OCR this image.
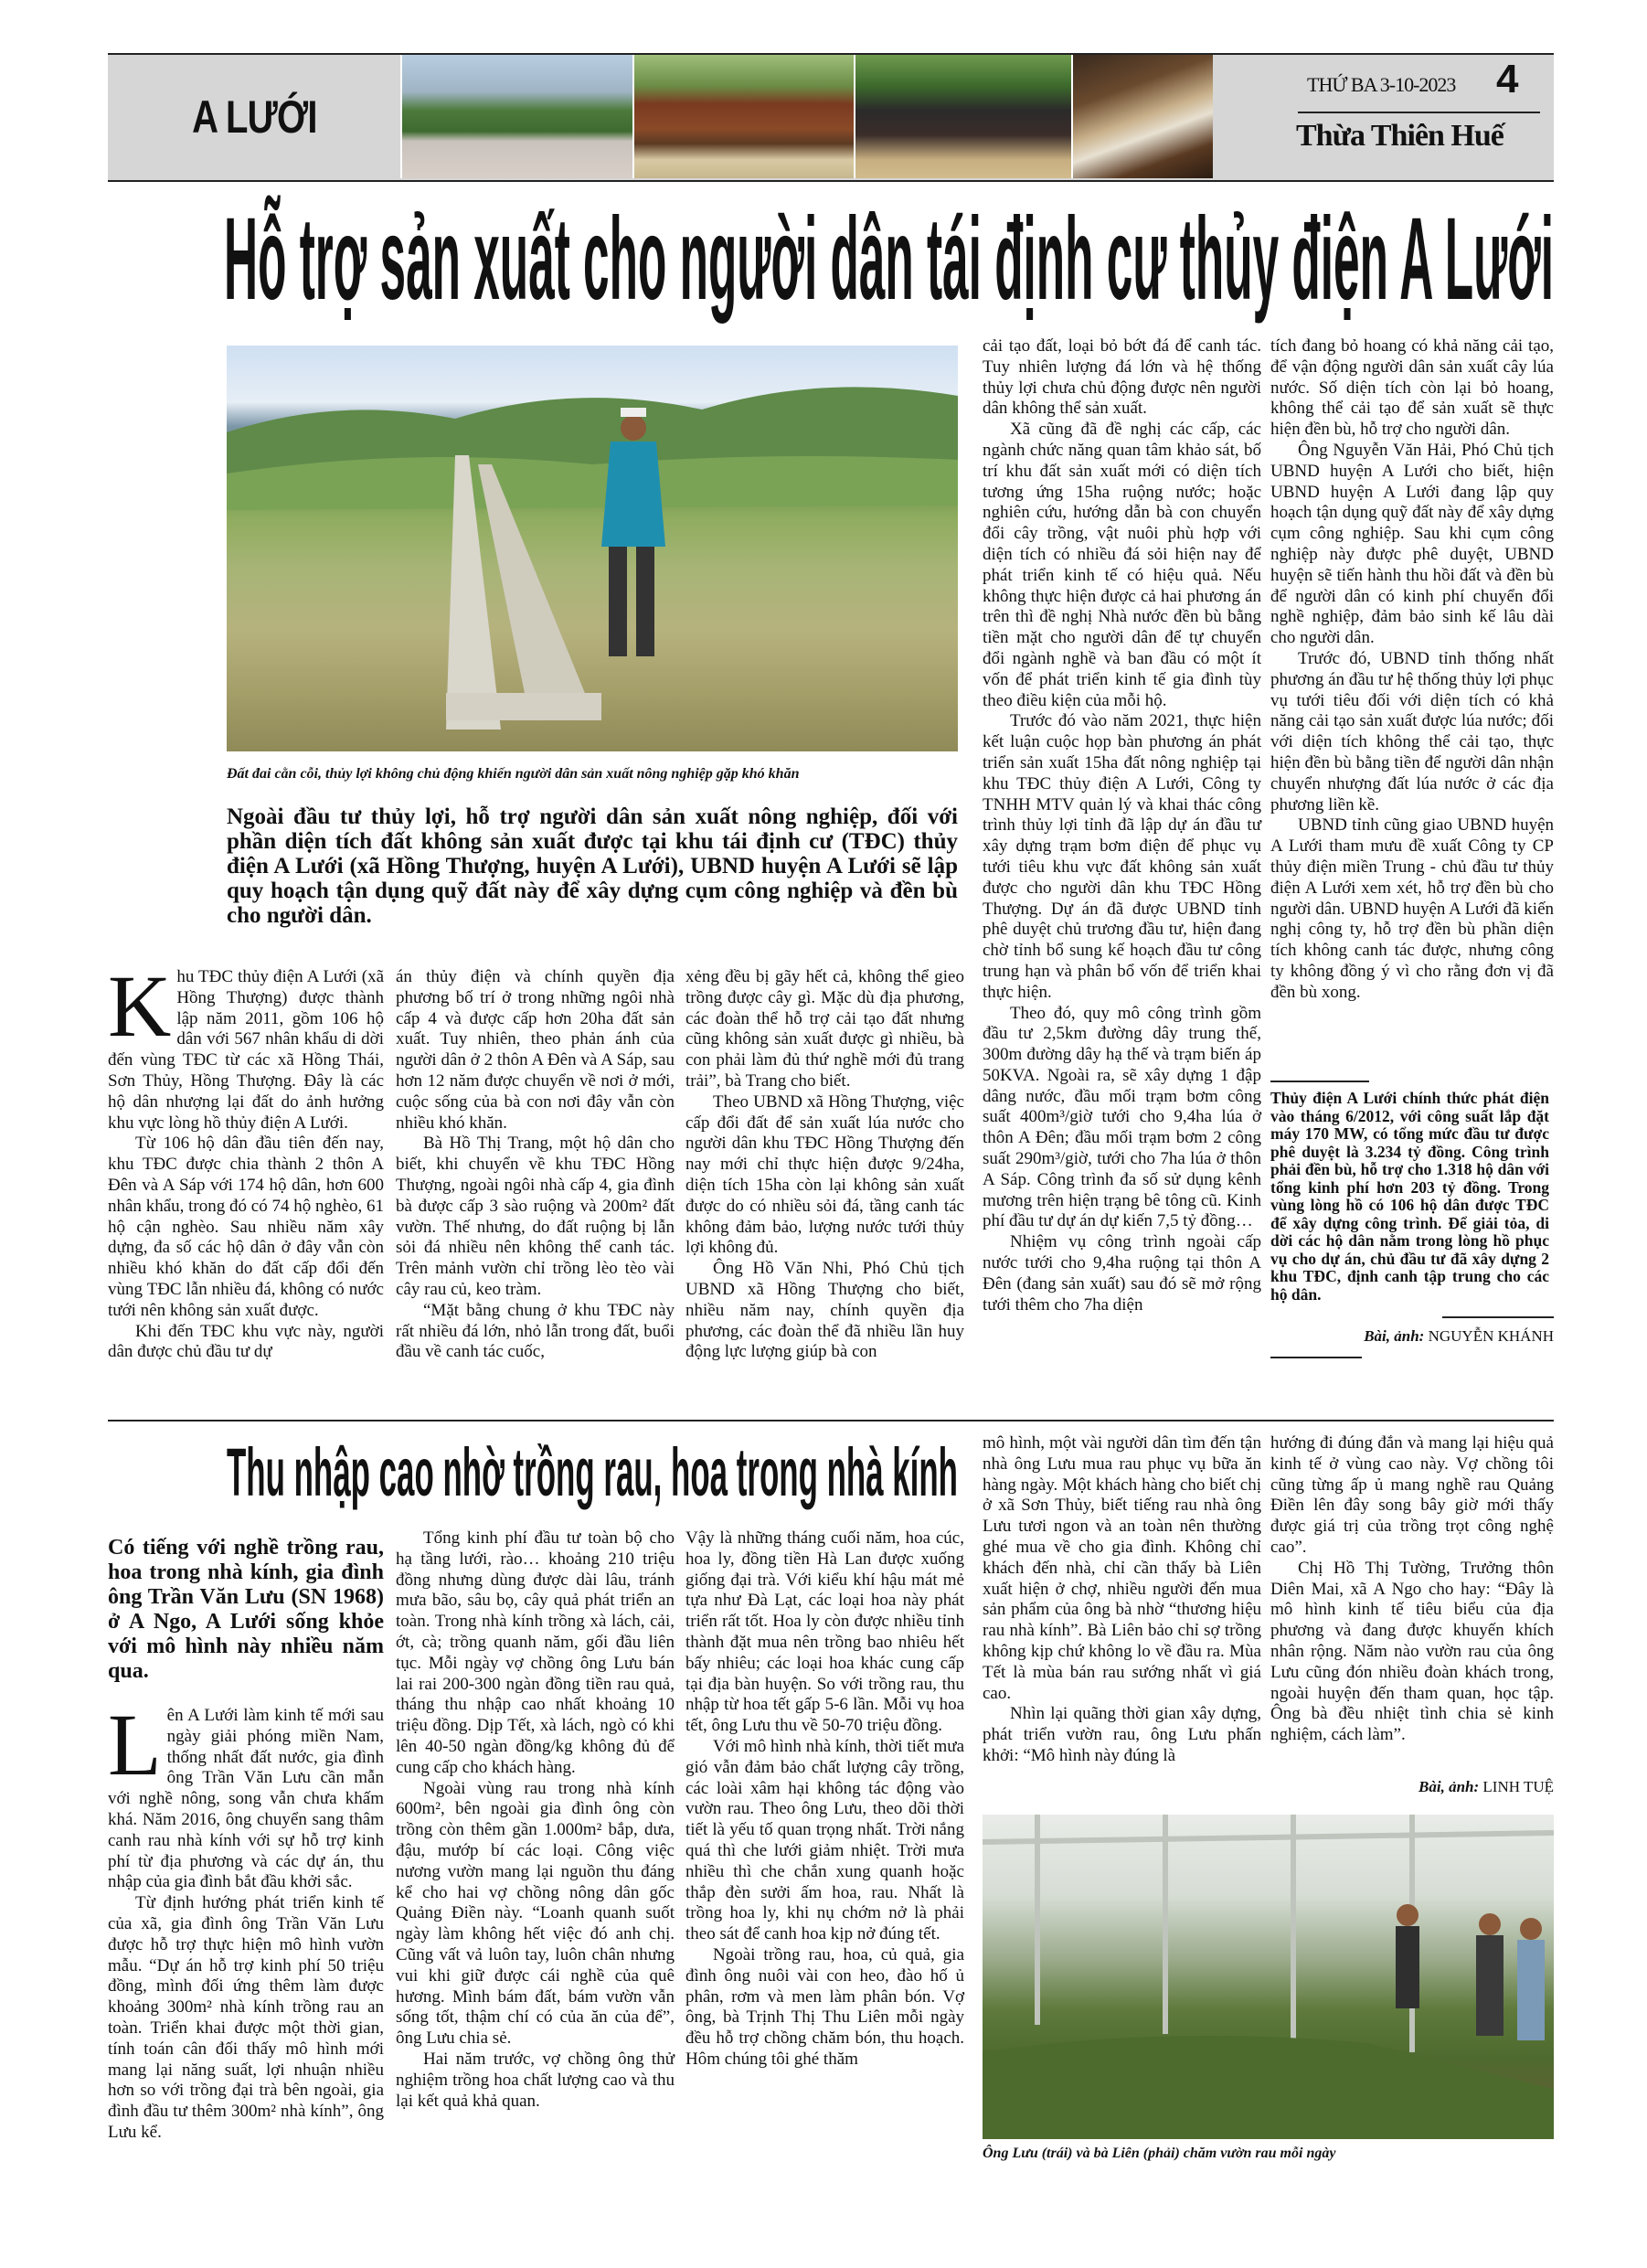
A LƯỚI
THỨ BA 3-10-2023 4
Thừa Thiên Huế
Hỗ trợ sản xuất cho người dân tái định cư thủy điện A Lưới
Đất đai cằn cỗi, thủy lợi không chủ động khiến người dân sản xuất nông nghiệp gặp khó khăn
Ngoài đầu tư thủy lợi, hỗ trợ người dân sản xuất nông nghiệp, đối với phần diện tích đất không sản xuất được tại khu tái định cư (TĐC) thủy điện A Lưới (xã Hồng Thượng, huyện A Lưới), UBND huyện A Lưới sẽ lập quy hoạch tận dụng quỹ đất này để xây dựng cụm công nghiệp và đền bù cho người dân.

Khu TĐC thủy điện A Lưới (xã Hồng Thượng) được thành lập năm 2011, gồm 106 hộ dân với 567 nhân khẩu di dời đến vùng TĐC từ các xã Hồng Thái, Sơn Thủy, Hồng Thượng. Đây là các hộ dân nhượng lại đất do ảnh hưởng khu vực lòng hồ thủy điện A Lưới.

Từ 106 hộ dân đầu tiên đến nay, khu TĐC được chia thành 2 thôn A Đên và A Sáp với 174 hộ dân, hơn 600 nhân khẩu, trong đó có 74 hộ nghèo, 61 hộ cận nghèo. Sau nhiều năm xây dựng, đa số các hộ dân ở đây vẫn còn nhiều khó khăn do đất cấp đổi đến vùng TĐC lẫn nhiều đá, không có nước tưới nên không sản xuất được.

Khi đến TĐC khu vực này, người dân được chủ đầu tư dự

án thủy điện và chính quyền địa phương bố trí ở trong những ngôi nhà cấp 4 và được cấp hơn 20ha đất sản xuất. Tuy nhiên, theo phản ánh của người dân ở 2 thôn A Đên và A Sáp, sau hơn 12 năm được chuyển về nơi ở mới, cuộc sống của bà con nơi đây vẫn còn nhiều khó khăn.

Bà Hồ Thị Trang, một hộ dân cho biết, khi chuyển về khu TĐC Hồng Thượng, ngoài ngôi nhà cấp 4, gia đình bà được cấp 3 sào ruộng và 200m² đất vườn. Thế nhưng, do đất ruộng bị lẫn sỏi đá nhiều nên không thể canh tác. Trên mảnh vườn chỉ trồng lèo tèo vài cây rau củ, keo tràm.

“Mặt bằng chung ở khu TĐC này rất nhiều đá lớn, nhỏ lẫn trong đất, buổi đầu về canh tác cuốc,

xẻng đều bị gãy hết cả, không thể gieo trồng được cây gì. Mặc dù địa phương, các đoàn thể hỗ trợ cải tạo đất nhưng cũng không sản xuất được gì nhiều, bà con phải làm đủ thứ nghề mới đủ trang trải”, bà Trang cho biết.

Theo UBND xã Hồng Thượng, việc cấp đổi đất để sản xuất lúa nước cho người dân khu TĐC Hồng Thượng đến nay mới chỉ thực hiện được 9/24ha, diện tích 15ha còn lại không sản xuất được do có nhiều sỏi đá, tầng canh tác không đảm bảo, lượng nước tưới thủy lợi không đủ.

Ông Hồ Văn Nhi, Phó Chủ tịch UBND xã Hồng Thượng cho biết, nhiều năm nay, chính quyền địa phương, các đoàn thể đã nhiều lần huy động lực lượng giúp bà con

cải tạo đất, loại bỏ bớt đá để canh tác. Tuy nhiên lượng đá lớn và hệ thống thủy lợi chưa chủ động được nên người dân không thể sản xuất.

Xã cũng đã đề nghị các cấp, các ngành chức năng quan tâm khảo sát, bố trí khu đất sản xuất mới có diện tích tương ứng 15ha ruộng nước; hoặc nghiên cứu, hướng dẫn bà con chuyển đổi cây trồng, vật nuôi phù hợp với diện tích có nhiều đá sỏi hiện nay để phát triển kinh tế có hiệu quả. Nếu không thực hiện được cả hai phương án trên thì đề nghị Nhà nước đền bù bằng tiền mặt cho người dân để tự chuyển đổi ngành nghề và ban đầu có một ít vốn để phát triển kinh tế gia đình tùy theo điều kiện của mỗi hộ.

Trước đó vào năm 2021, thực hiện kết luận cuộc họp bàn phương án phát triển sản xuất 15ha đất nông nghiệp tại khu TĐC thủy điện A Lưới, Công ty TNHH MTV quản lý và khai thác công trình thủy lợi tỉnh đã lập dự án đầu tư xây dựng trạm bơm điện để phục vụ tưới tiêu khu vực đất không sản xuất được cho người dân khu TĐC Hồng Thượng. Dự án đã được UBND tỉnh phê duyệt chủ trương đầu tư, hiện đang chờ tỉnh bổ sung kế hoạch đầu tư công trung hạn và phân bổ vốn để triển khai thực hiện.

Theo đó, quy mô công trình gồm đầu tư 2,5km đường dây trung thế, 300m đường dây hạ thế và trạm biến áp 50KVA. Ngoài ra, sẽ xây dựng 1 đập dâng nước, đầu mối trạm bơm công suất 400m³/giờ tưới cho 9,4ha lúa ở thôn A Đên; đầu mối trạm bơm 2 công suất 290m³/giờ, tưới cho 7ha lúa ở thôn A Sáp. Công trình đa số sử dụng kênh mương trên hiện trạng bê tông cũ. Kinh phí đầu tư dự án dự kiến 7,5 tỷ đồng…

Nhiệm vụ công trình ngoài cấp nước tưới cho 9,4ha ruộng tại thôn A Đên (đang sản xuất) sau đó sẽ mở rộng tưới thêm cho 7ha diện

tích đang bỏ hoang có khả năng cải tạo, để vận động người dân sản xuất cây lúa nước. Số diện tích còn lại bỏ hoang, không thể cải tạo để sản xuất sẽ thực hiện đền bù, hỗ trợ cho người dân.

Ông Nguyễn Văn Hải, Phó Chủ tịch UBND huyện A Lưới cho biết, hiện UBND huyện A Lưới đang lập quy hoạch tận dụng quỹ đất này để xây dựng cụm công nghiệp. Sau khi cụm công nghiệp này được phê duyệt, UBND huyện sẽ tiến hành thu hồi đất và đền bù để người dân có kinh phí chuyển đổi nghề nghiệp, đảm bảo sinh kế lâu dài cho người dân.

Trước đó, UBND tỉnh thống nhất phương án đầu tư hệ thống thủy lợi phục vụ tưới tiêu đối với diện tích có khả năng cải tạo sản xuất được lúa nước; đối với diện tích không thể cải tạo, thực hiện đền bù bằng tiền để người dân nhận chuyển nhượng đất lúa nước ở các địa phương liền kề.

UBND tỉnh cũng giao UBND huyện A Lưới tham mưu đề xuất Công ty CP thủy điện miền Trung - chủ đầu tư thủy điện A Lưới xem xét, hỗ trợ đền bù cho người dân. UBND huyện A Lưới đã kiến nghị công ty, hỗ trợ đền bù phần diện tích không canh tác được, nhưng công ty không đồng ý vì cho rằng đơn vị đã đền bù xong.

Thủy điện A Lưới chính thức phát điện vào tháng 6/2012, với công suất lắp đặt máy 170 MW, có tổng mức đầu tư được phê duyệt là 3.234 tỷ đồng. Công trình phải đền bù, hỗ trợ cho 1.318 hộ dân với tổng kinh phí hơn 203 tỷ đồng. Trong vùng lòng hồ có 106 hộ dân được TĐC để xây dựng công trình. Để giải tỏa, di dời các hộ dân nằm trong lòng hồ phục vụ cho dự án, chủ đầu tư đã xây dựng 2 khu TĐC, định canh tập trung cho các hộ dân.
Bài, ảnh: NGUYỄN KHÁNH
Thu nhập cao nhờ trồng rau, hoa trong nhà kính
Có tiếng với nghề trồng rau, hoa trong nhà kính, gia đình ông Trần Văn Lưu (SN 1968) ở A Ngo, A Lưới sống khỏe với mô hình này nhiều năm qua.

Lên A Lưới làm kinh tế mới sau ngày giải phóng miền Nam, thống nhất đất nước, gia đình ông Trần Văn Lưu cần mẫn với nghề nông, song vẫn chưa khấm khá. Năm 2016, ông chuyển sang thâm canh rau nhà kính với sự hỗ trợ kinh phí từ địa phương và các dự án, thu nhập của gia đình bắt đầu khởi sắc.

Từ định hướng phát triển kinh tế của xã, gia đình ông Trần Văn Lưu được hỗ trợ thực hiện mô hình vườn mẫu. “Dự án hỗ trợ kinh phí 50 triệu đồng, mình đối ứng thêm làm được khoảng 300m² nhà kính trồng rau an toàn. Triển khai được một thời gian, tính toán cân đối thấy mô hình mới mang lại năng suất, lợi nhuận nhiều hơn so với trồng đại trà bên ngoài, gia đình đầu tư thêm 300m² nhà kính”, ông Lưu kể.

Tổng kinh phí đầu tư toàn bộ cho hạ tầng lưới, rào… khoảng 210 triệu đồng nhưng dùng được dài lâu, tránh mưa bão, sâu bọ, cây quả phát triển an toàn. Trong nhà kính trồng xà lách, cải, ớt, cà; trồng quanh năm, gối đầu liên tục. Mỗi ngày vợ chồng ông Lưu bán lai rai 200-300 ngàn đồng tiền rau quả, tháng thu nhập cao nhất khoảng 10 triệu đồng. Dịp Tết, xà lách, ngò có khi lên 40-50 ngàn đồng/kg không đủ để cung cấp cho khách hàng.

Ngoài vùng rau trong nhà kính 600m², bên ngoài gia đình ông còn trồng còn thêm gần 1.000m² bắp, dưa, đậu, mướp bí các loại. Công việc nương vườn mang lại nguồn thu đáng kể cho hai vợ chồng nông dân gốc Quảng Điền này. “Loanh quanh suốt ngày làm không hết việc đó anh chị. Cũng vất vả luôn tay, luôn chân nhưng vui khi giữ được cái nghề của quê hương. Mình bám đất, bám vườn vẫn sống tốt, thậm chí có của ăn của để”, ông Lưu chia sẻ.

Hai năm trước, vợ chồng ông thử nghiệm trồng hoa chất lượng cao và thu lại kết quả khả quan.

Vậy là những tháng cuối năm, hoa cúc, hoa ly, đồng tiền Hà Lan được xuống giống đại trà. Với kiểu khí hậu mát mẻ tựa như Đà Lạt, các loại hoa này phát triển rất tốt. Hoa ly còn được nhiều tỉnh thành đặt mua nên trồng bao nhiêu hết bấy nhiêu; các loại hoa khác cung cấp tại địa bàn huyện. So với trồng rau, thu nhập từ hoa tết gấp 5-6 lần. Mỗi vụ hoa tết, ông Lưu thu về 50-70 triệu đồng.

Với mô hình nhà kính, thời tiết mưa gió vẫn đảm bảo chất lượng cây trồng, các loài xâm hại không tác động vào vườn rau. Theo ông Lưu, theo dõi thời tiết là yếu tố quan trọng nhất. Trời nắng quá thì che lưới giảm nhiệt. Trời mưa nhiều thì che chắn xung quanh hoặc thắp đèn sưởi ấm hoa, rau. Nhất là trồng hoa ly, khi nụ chớm nở là phải theo sát để canh hoa kịp nở đúng tết.

Ngoài trồng rau, hoa, củ quả, gia đình ông nuôi vài con heo, đào hố ủ phân, rơm và men làm phân bón. Vợ ông, bà Trịnh Thị Thu Liên mỗi ngày đều hỗ trợ chồng chăm bón, thu hoạch. Hôm chúng tôi ghé thăm

mô hình, một vài người dân tìm đến tận nhà ông Lưu mua rau phục vụ bữa ăn hàng ngày. Một khách hàng cho biết chị ở xã Sơn Thủy, biết tiếng rau nhà ông Lưu tươi ngon và an toàn nên thường ghé mua về cho gia đình. Không chỉ khách đến nhà, chỉ cần thấy bà Liên xuất hiện ở chợ, nhiều người đến mua sản phẩm của ông bà nhờ “thương hiệu rau nhà kính”. Bà Liên bảo chỉ sợ trồng không kịp chứ không lo về đầu ra. Mùa Tết là mùa bán rau sướng nhất vì giá cao.

Nhìn lại quãng thời gian xây dựng, phát triển vườn rau, ông Lưu phấn khởi: “Mô hình này đúng là

hướng đi đúng đắn và mang lại hiệu quả kinh tế ở vùng cao này. Vợ chồng tôi cũng từng ấp ủ mang nghề rau Quảng Điền lên đây song bây giờ mới thấy được giá trị của trồng trọt công nghệ cao”.

Chị Hồ Thị Tường, Trưởng thôn Diên Mai, xã A Ngo cho hay: “Đây là mô hình kinh tế tiêu biểu của địa phương và đang được khuyến khích nhân rộng. Năm nào vườn rau của ông Lưu cũng đón nhiều đoàn khách trong, ngoài huyện đến tham quan, học tập. Ông bà đều nhiệt tình chia sẻ kinh nghiệm, cách làm”.

Bài, ảnh: LINH TUỆ
Ông Lưu (trái) và bà Liên (phải) chăm vườn rau mỗi ngày
